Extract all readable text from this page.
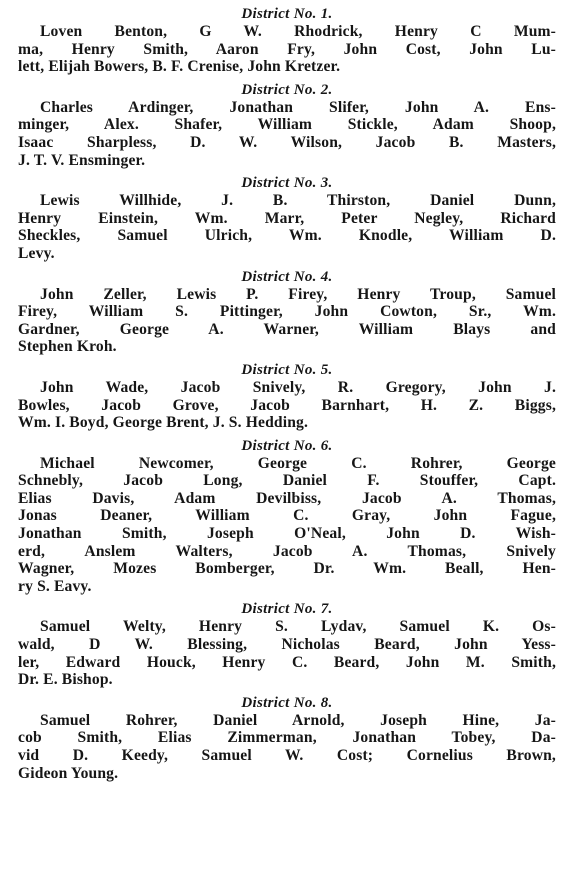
District No. 1.
Loven Benton, G W. Rhodrick, Henry C Mum-
ma, Henry Smith, Aaron Fry, John Cost, John Lu-
lett, Elijah Bowers, B. F. Crenise, John Kretzer.
District No. 2.
Charles Ardinger, Jonathan Slifer, John A. Ens-
minger, Alex. Shafer, William Stickle, Adam Shoop,
Isaac Sharpless, D. W. Wilson, Jacob B. Masters,
J. T. V. Ensminger.
District No. 3.
Lewis Willhide, J. B. Thirston, Daniel Dunn,
Henry Einstein, Wm. Marr, Peter Negley, Richard
Sheckles, Samuel Ulrich, Wm. Knodle, William D.
Levy.
District No. 4.
John Zeller, Lewis P. Firey, Henry Troup, Samuel
Firey, William S. Pittinger, John Cowton, Sr., Wm.
Gardner, George A. Warner, William Blays and
Stephen Kroh.
District No. 5.
John Wade, Jacob Snively, R. Gregory, John J.
Bowles, Jacob Grove, Jacob Barnhart, H. Z. Biggs,
Wm. I. Boyd, George Brent, J. S. Hedding.
District No. 6.
Michael Newcomer, George C. Rohrer, George
Schnebly, Jacob Long, Daniel F. Stouffer, Capt.
Elias Davis, Adam Devilbiss, Jacob A. Thomas,
Jonas Deaner, William C. Gray, John Fague,
Jonathan Smith, Joseph O'Neal, John D. Wish-
erd, Anslem Walters, Jacob A. Thomas, Snively
Wagner, Mozes Bomberger, Dr. Wm. Beall, Hen-
ry S. Eavy.
District No. 7.
Samuel Welty, Henry S. Lydav, Samuel K. Os-
wald, D W. Blessing, Nicholas Beard, John Yess-
ler, Edward Houck, Henry C. Beard, John M. Smith,
Dr. E. Bishop.
District No. 8.
Samuel Rohrer, Daniel Arnold, Joseph Hine, Ja-
cob Smith, Elias Zimmerman, Jonathan Tobey, Da-
vid D. Keedy, Samuel W. Cost; Cornelius Brown,
Gideon Young.
